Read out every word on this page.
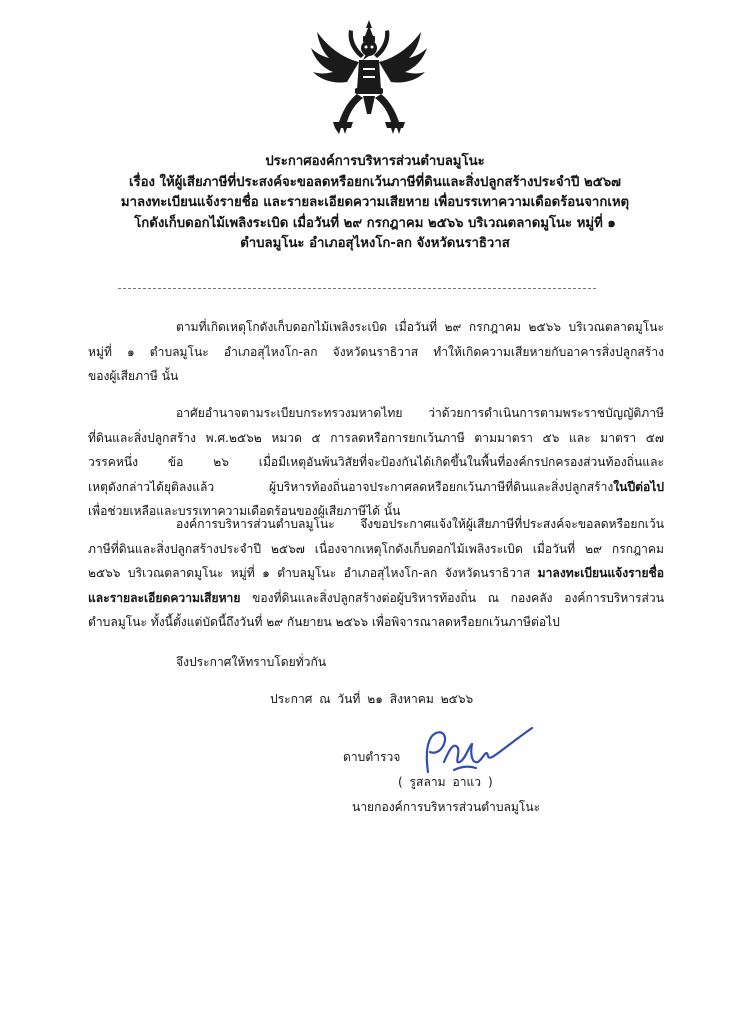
ประกาศองค์การบริหารส่วนตำบลมูโนะ
เรื่อง ให้ผู้เสียภาษีที่ประสงค์จะขอลดหรือยกเว้นภาษีที่ดินและสิ่งปลูกสร้างประจำปี ๒๕๖๗
มาลงทะเบียนแจ้งรายชื่อ และรายละเอียดความเสียหาย เพื่อบรรเทาความเดือดร้อนจากเหตุ
โกดังเก็บดอกไม้เพลิงระเบิด เมื่อวันที่ ๒๙ กรกฎาคม ๒๕๖๖ บริเวณตลาดมูโนะ หมู่ที่ ๑
ตำบลมูโนะ อำเภอสุไหงโก-ลก จังหวัดนราธิวาส
ตามที่เกิดเหตุโกดังเก็บดอกไม้เพลิงระเบิด เมื่อวันที่ ๒๙ กรกฎาคม ๒๕๖๖ บริเวณตลาดมูโนะ
หมู่ที่ ๑ ตำบลมูโนะ อำเภอสุไหงโก-ลก จังหวัดนราธิวาส ทำให้เกิดความเสียหายกับอาคารสิ่งปลูกสร้าง
ของผู้เสียภาษี นั้น
อาศัยอำนาจตามระเบียบกระทรวงมหาดไทย ว่าด้วยการดำเนินการตามพระราชบัญญัติภาษี
ที่ดินและสิ่งปลูกสร้าง พ.ศ.๒๕๖๒ หมวด ๕ การลดหรือการยกเว้นภาษี ตามมาตรา ๕๖ และ มาตรา ๕๗
วรรคหนึ่ง ข้อ ๒๖ เมื่อมีเหตุอันพ้นวิสัยที่จะป้องกันได้เกิดขึ้นในพื้นที่องค์กรปกครองส่วนท้องถิ่นและ
เหตุดังกล่าวได้ยุติลงแล้ว ผู้บริหารท้องถิ่นอาจประกาศลดหรือยกเว้นภาษีที่ดินและสิ่งปลูกสร้างในปีต่อไป
เพื่อช่วยเหลือและบรรเทาความเดือดร้อนของผู้เสียภาษีได้ นั้น
องค์การบริหารส่วนตำบลมูโนะ จึงขอประกาศแจ้งให้ผู้เสียภาษีที่ประสงค์จะขอลดหรือยกเว้น
ภาษีที่ดินและสิ่งปลูกสร้างประจำปี ๒๕๖๗ เนื่องจากเหตุโกดังเก็บดอกไม้เพลิงระเบิด เมื่อวันที่ ๒๙ กรกฎาคม
๒๕๖๖ บริเวณตลาดมูโนะ หมู่ที่ ๑ ตำบลมูโนะ อำเภอสุไหงโก-ลก จังหวัดนราธิวาส มาลงทะเบียนแจ้งรายชื่อ
และรายละเอียดความเสียหาย ของที่ดินและสิ่งปลูกสร้างต่อผู้บริหารท้องถิ่น ณ กองคลัง องค์การบริหารส่วน
ตำบลมูโนะ ทั้งนี้ตั้งแต่บัดนี้ถึงวันที่ ๒๙ กันยายน ๒๕๖๖ เพื่อพิจารณาลดหรือยกเว้นภาษีต่อไป
จึงประกาศให้ทราบโดยทั่วกัน
ประกาศ ณ วันที่ ๒๑ สิงหาคม ๒๕๖๖
ดาบตำรวจ
( รูสลาม อาแว )
นายกองค์การบริหารส่วนตำบลมูโนะ
